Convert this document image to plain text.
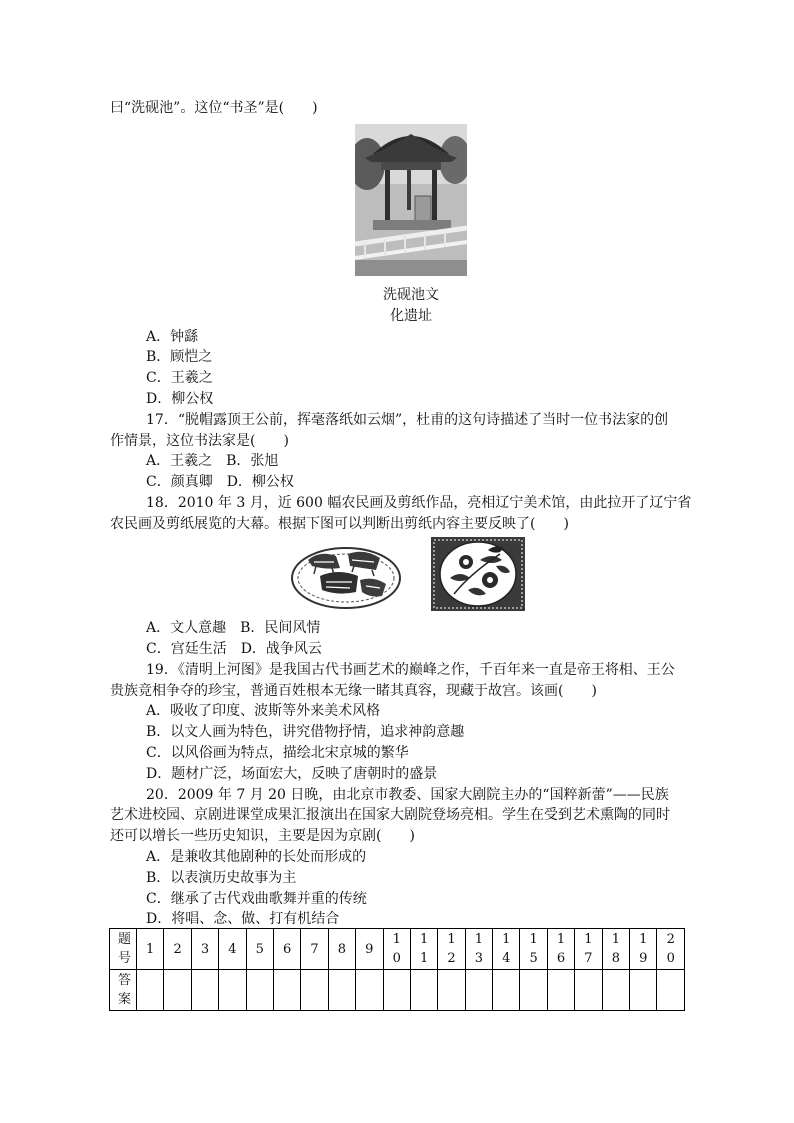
曰“洗砚池”。这位“书圣”是(　　)
洗砚池文
化遗址
A．钟繇
B．顾恺之
C．王羲之
D．柳公权
17．“脱帽露顶王公前，挥毫落纸如云烟”，杜甫的这句诗描述了当时一位书法家的创
作情景，这位书法家是(　　)
A．王羲之　B．张旭
C．颜真卿　D．柳公权
18．2010 年 3 月，近 600 幅农民画及剪纸作品，亮相辽宁美术馆，由此拉开了辽宁省
农民画及剪纸展览的大幕。根据下图可以判断出剪纸内容主要反映了(　　)
A．文人意趣　B．民间风情
C．宫廷生活　D．战争风云
19．《清明上河图》是我国古代书画艺术的巅峰之作，千百年来一直是帝王将相、王公
贵族竞相争夺的珍宝，普通百姓根本无缘一睹其真容，现藏于故宫。该画(　　)
A．吸收了印度、波斯等外来美术风格
B．以文人画为特色，讲究借物抒情，追求神韵意趣
C．以风俗画为特点，描绘北宋京城的繁华
D．题材广泛，场面宏大，反映了唐朝时的盛景
20．2009 年 7 月 20 日晚，由北京市教委、国家大剧院主办的“国粹新蕾”——民族
艺术进校园、京剧进课堂成果汇报演出在国家大剧院登场亮相。学生在受到艺术熏陶的同时
还可以增长一些历史知识，主要是因为京剧(　　)
A．是兼收其他剧种的长处而形成的
B．以表演历史故事为主
C．继承了古代戏曲歌舞并重的传统
D．将唱、念、做、打有机结合
题号	1	2	3	4	5	6	7	8	9	10	11	12	13	14	15	16	17	18	19	20
答案																				
